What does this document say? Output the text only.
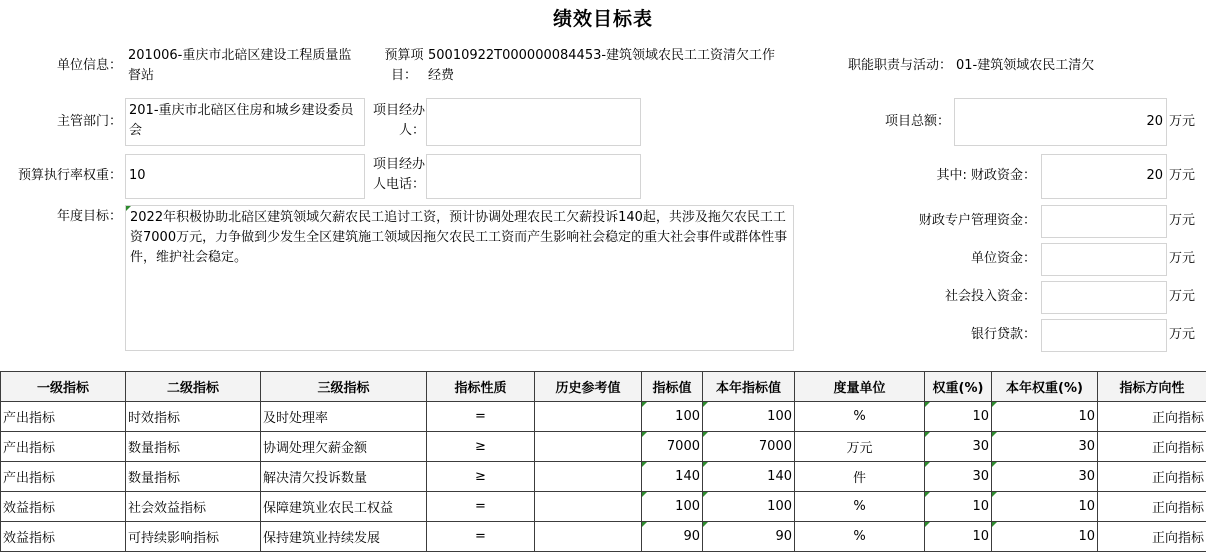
绩效目标表
单位信息：
201006-重庆市北碚区建设工程质量监督站
预算项目：
50010922T000000084453-建筑领域农民工工资清欠工作经费
职能职责与活动： 01-建筑领域农民工清欠
主管部门：
201-重庆市北碚区住房和城乡建设委员会
项目经办人：
项目总额：	20 万元
预算执行率权重： 10
项目经办人电话：
其中: 财政资金：	20 万元
年度目标： 2022年积极协助北碚区建筑领域欠薪农民工追讨工资，预计协调处理农民工欠薪投诉140起，共涉及拖欠农民工工资7000万元，力争做到少发生全区建筑施工领域因拖欠农民工工资而产生影响社会稳定的重大社会事件或群体性事件，维护社会稳定。
财政专户管理资金：	万元
单位资金：	万元
社会投入资金：	万元
银行贷款：	万元
一级指标	二级指标	三级指标	指标性质	历史参考值	指标值	本年指标值	度量单位	权重(%)	本年权重(%)	指标方向性
产出指标	时效指标	及时处理率	=		100	100	%	10	10	正向指标
产出指标	数量指标	协调处理欠薪金额	≥		7000	7000	万元	30	30	正向指标
产出指标	数量指标	解决清欠投诉数量	≥		140	140	件	30	30	正向指标
效益指标	社会效益指标	保障建筑业农民工权益	=		100	100	%	10	10	正向指标
效益指标	可持续影响指标	保持建筑业持续发展	=		90	90	%	10	10	正向指标
